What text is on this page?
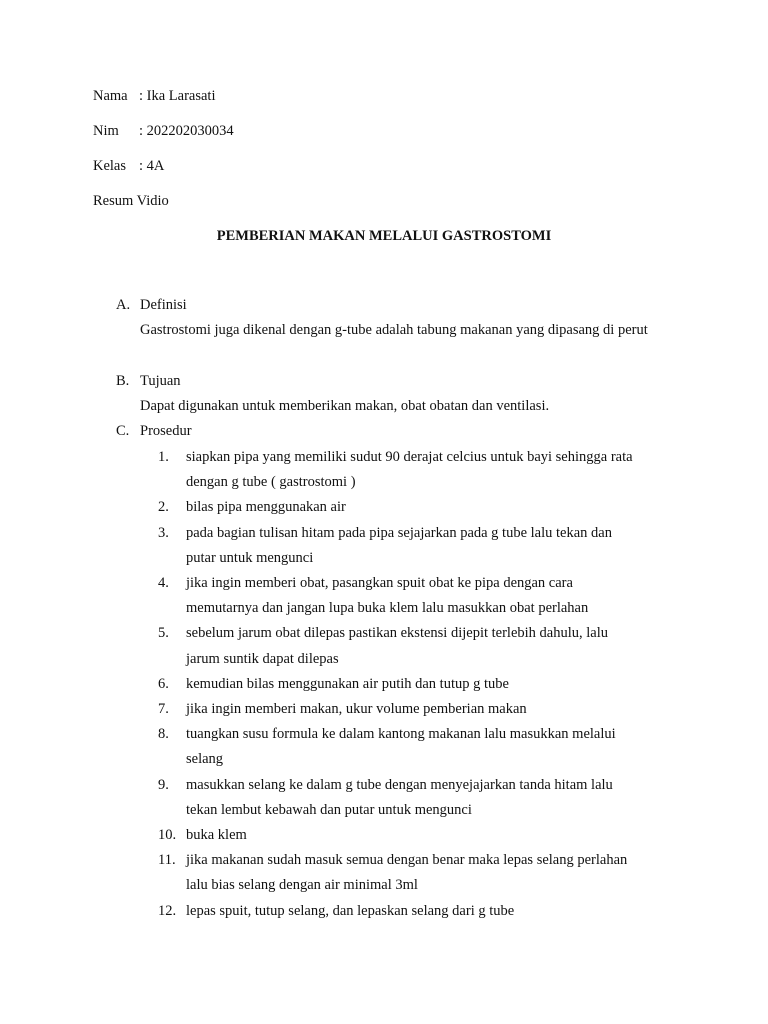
Nama : Ika Larasati
Nim : 202202030034
Kelas : 4A
Resum Vidio
PEMBERIAN MAKAN MELALUI GASTROSTOMI
A. Definisi
Gastrostomi juga dikenal dengan g-tube adalah tabung makanan yang dipasang di perut
B. Tujuan
Dapat digunakan untuk memberikan makan, obat obatan dan ventilasi.
C. Prosedur
1.	siapkan pipa yang memiliki sudut 90 derajat celcius untuk bayi sehingga rata
dengan g tube ( gastrostomi )
2.	bilas pipa menggunakan air
3.	pada bagian tulisan hitam pada pipa sejajarkan pada g tube lalu tekan dan
putar untuk mengunci
4.	jika ingin memberi obat, pasangkan spuit obat ke pipa dengan cara
memutarnya dan jangan lupa buka klem lalu masukkan obat perlahan
5.	sebelum jarum obat dilepas pastikan ekstensi dijepit terlebih dahulu, lalu
jarum suntik dapat dilepas
6.	kemudian bilas menggunakan air putih dan tutup g tube
7.	jika ingin memberi makan, ukur volume pemberian makan
8.	tuangkan susu formula ke dalam kantong makanan lalu masukkan melalui
selang
9.	masukkan selang ke dalam g tube dengan menyejajarkan tanda hitam lalu
tekan lembut kebawah dan putar untuk mengunci
10. buka klem
11. jika makanan sudah masuk semua dengan benar maka lepas selang perlahan
lalu bias selang dengan air minimal 3ml
12. lepas spuit, tutup selang, dan lepaskan selang dari g tube
